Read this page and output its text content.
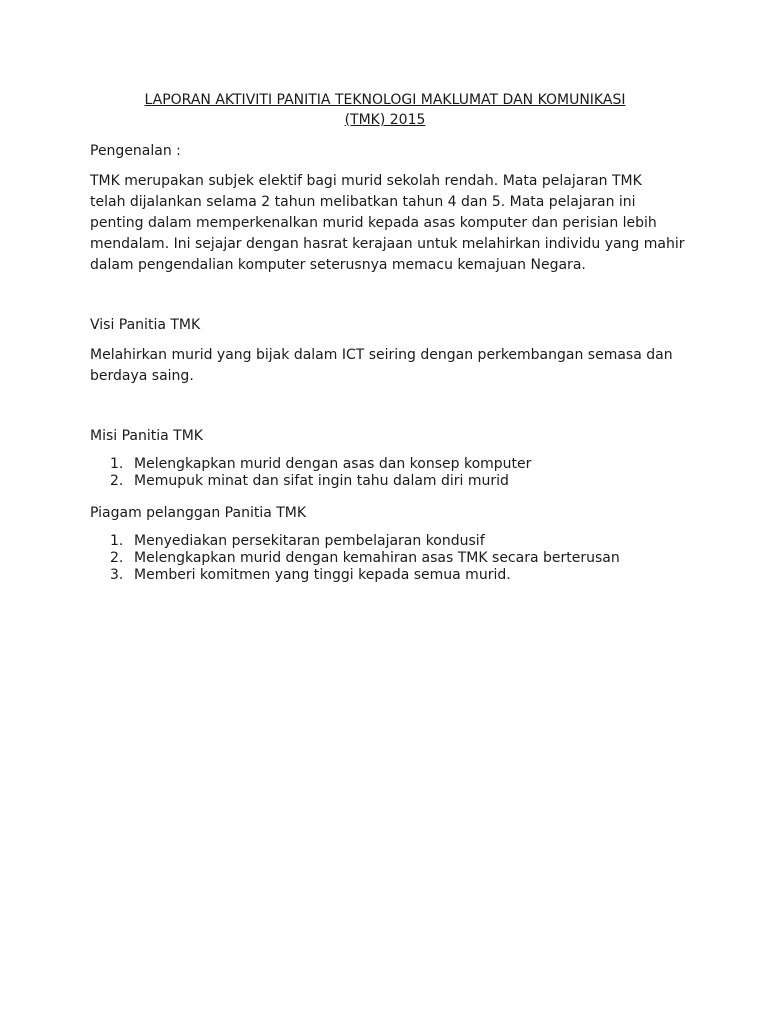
LAPORAN AKTIVITI PANITIA TEKNOLOGI MAKLUMAT DAN KOMUNIKASI
(TMK) 2015

Pengenalan :

TMK merupakan subjek elektif bagi murid sekolah rendah. Mata pelajaran TMK
telah dijalankan selama 2 tahun melibatkan tahun 4 dan 5. Mata pelajaran ini
penting dalam memperkenalkan murid kepada asas komputer dan perisian lebih
mendalam. Ini sejajar dengan hasrat kerajaan untuk melahirkan individu yang mahir
dalam pengendalian komputer seterusnya memacu kemajuan Negara.

Visi Panitia TMK

Melahirkan murid yang bijak dalam ICT seiring dengan perkembangan semasa dan
berdaya saing.

Misi Panitia TMK

1. Melengkapkan murid dengan asas dan konsep komputer
2. Memupuk minat dan sifat ingin tahu dalam diri murid

Piagam pelanggan Panitia TMK

1. Menyediakan persekitaran pembelajaran kondusif
2. Melengkapkan murid dengan kemahiran asas TMK secara berterusan
3. Memberi komitmen yang tinggi kepada semua murid.
